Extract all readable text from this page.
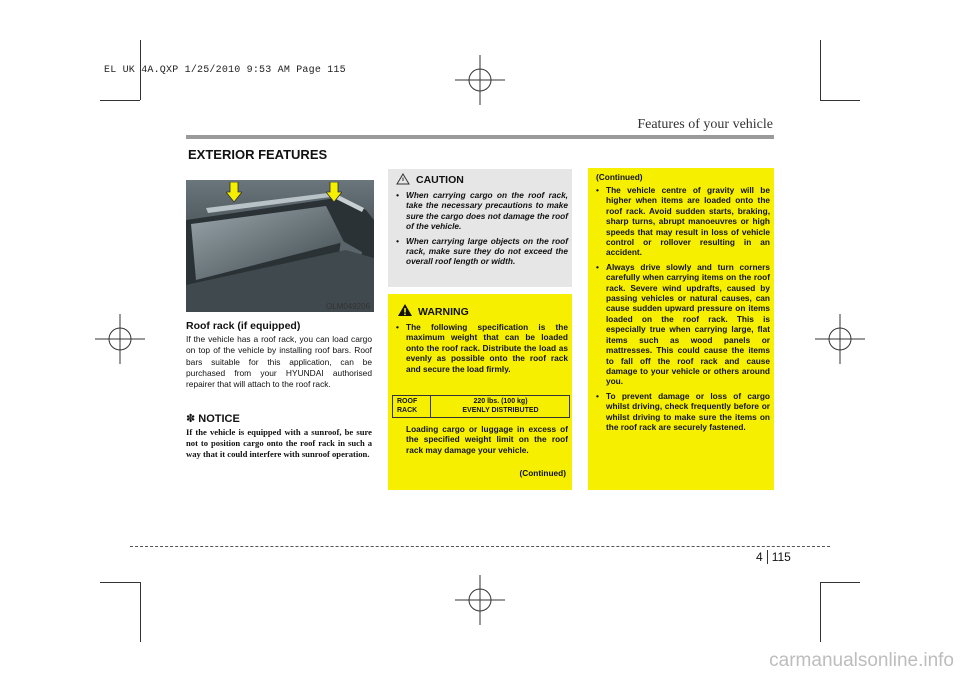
EL UK 4A.QXP 1/25/2010 9:53 AM Page 115
Features of your vehicle
EXTERIOR FEATURES
OLM049206
Roof rack (if equipped)
If the vehicle has a roof rack, you can load cargo on top of the vehicle by installing roof bars. Roof bars suitable for this application, can be purchased from your HYUNDAI authorised repairer that will attach to the roof rack.
✽ NOTICE
If the vehicle is equipped with a sunroof, be sure not to position cargo onto the roof rack in such a way that it could interfere with sunroof operation.
CAUTION
• When carrying cargo on the roof rack, take the necessary precautions to make sure the cargo does not damage the roof of the vehicle.
• When carrying large objects on the roof rack, make sure they do not exceed the overall roof length or width.
WARNING
• The following specification is the maximum weight that can be loaded onto the roof rack. Distribute the load as evenly as possible onto the roof rack and secure the load firmly.
Loading cargo or luggage in excess of the specified weight limit on the roof rack may damage your vehicle.
(Continued)
ROOF
RACK
220 lbs. (100 kg)
EVENLY DISTRIBUTED
(Continued)
• The vehicle centre of gravity will be higher when items are loaded onto the roof rack. Avoid sudden starts, braking, sharp turns, abrupt manoeuvres or high speeds that may result in loss of vehicle control or rollover resulting in an accident.
• Always drive slowly and turn corners carefully when carrying items on the roof rack. Severe wind updrafts, caused by passing vehicles or natural causes, can cause sudden upward pressure on items loaded on the roof rack. This is especially true when carrying large, flat items such as wood panels or mattresses. This could cause the items to fall off the roof rack and cause damage to your vehicle or others around you.
• To prevent damage or loss of cargo whilst driving, check frequently before or whilst driving to make sure the items on the roof rack are securely fastened.
4 115
carmanualsonline.info
